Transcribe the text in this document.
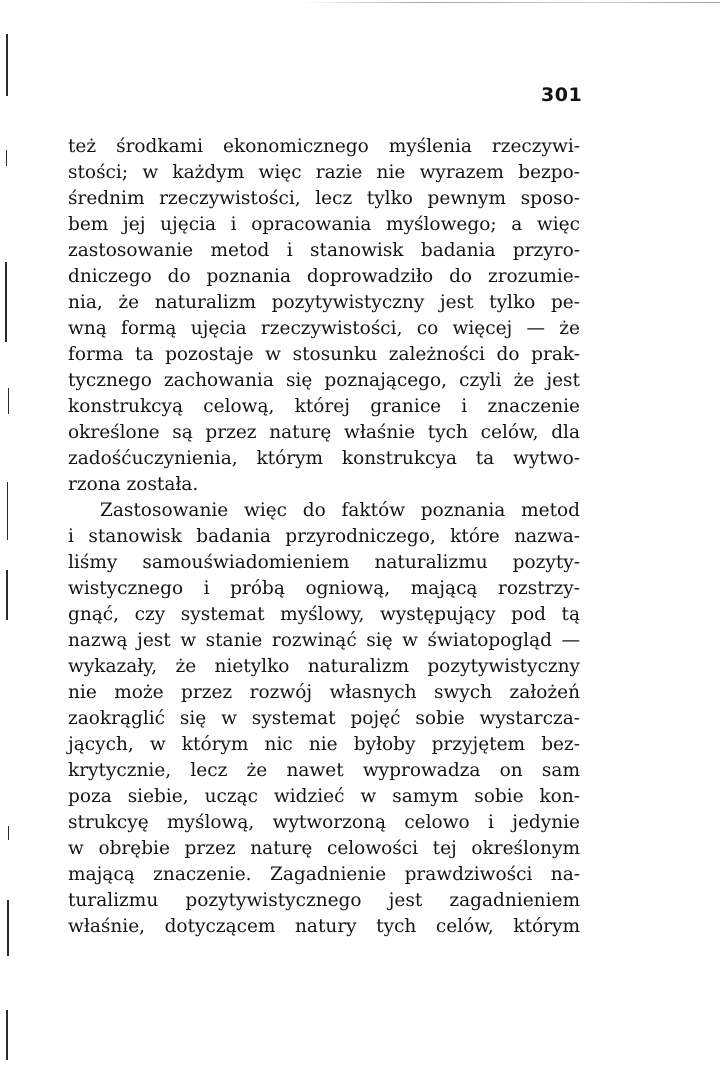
301
też środkami ekonomicznego myślenia rzeczywi-
stości; w każdym więc razie nie wyrazem bezpo-
średnim rzeczywistości, lecz tylko pewnym sposo-
bem jej ujęcia i opracowania myślowego; a więc
zastosowanie metod i stanowisk badania przyro-
dniczego do poznania doprowadziło do zrozumie-
nia, że naturalizm pozytywistyczny jest tylko pe-
wną formą ujęcia rzeczywistości, co więcej — że
forma ta pozostaje w stosunku zależności do prak-
tycznego zachowania się poznającego, czyli że jest
konstrukcyą celową, której granice i znaczenie
określone są przez naturę właśnie tych celów, dla
zadośćuczynienia, którym konstrukcya ta wytwo-
rzona została.
Zastosowanie więc do faktów poznania metod
i stanowisk badania przyrodniczego, które nazwa-
liśmy samouświadomieniem naturalizmu pozyty-
wistycznego i próbą ogniową, mającą rozstrzy-
gnąć, czy systemat myślowy, występujący pod tą
nazwą jest w stanie rozwinąć się w światopogląd —
wykazały, że nietylko naturalizm pozytywistyczny
nie może przez rozwój własnych swych założeń
zaokrąglić się w systemat pojęć sobie wystarcza-
jących, w którym nic nie byłoby przyjętem bez-
krytycznie, lecz że nawet wyprowadza on sam
poza siebie, ucząc widzieć w samym sobie kon-
strukcyę myślową, wytworzoną celowo i jedynie
w obrębie przez naturę celowości tej określonym
mającą znaczenie. Zagadnienie prawdziwości na-
turalizmu pozytywistycznego jest zagadnieniem
właśnie, dotyczącem natury tych celów, którym
